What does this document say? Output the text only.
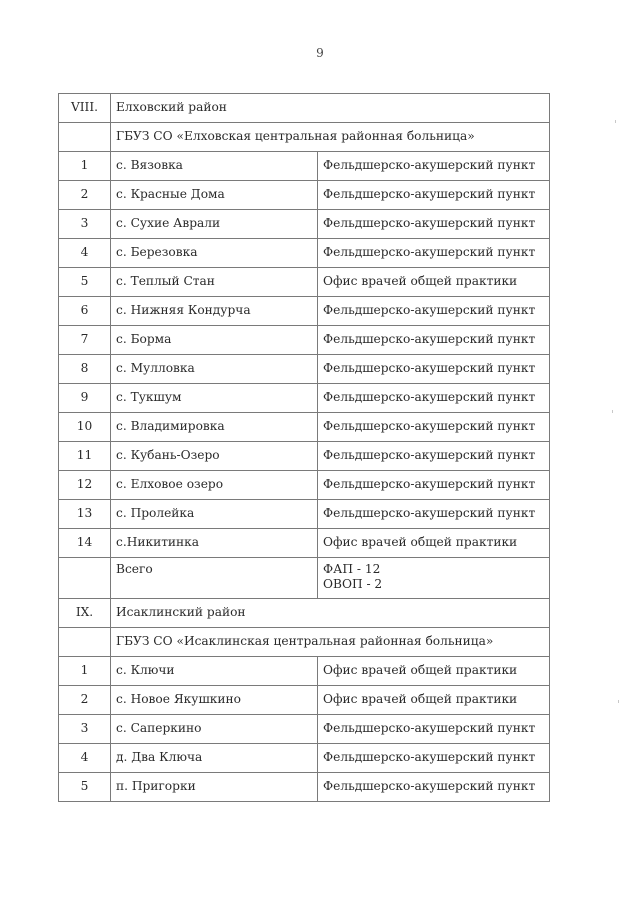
9
VIII.	Елховский район	
	ГБУЗ СО «Елховская центральная районная больница»	
1	с. Вязовка	Фельдшерско-акушерский пункт
2	с. Красные Дома	Фельдшерско-акушерский пункт
3	с. Сухие Аврали	Фельдшерско-акушерский пункт
4	с. Березовка	Фельдшерско-акушерский пункт
5	с. Теплый Стан	Офис врачей общей практики
6	с. Нижняя Кондурча	Фельдшерско-акушерский пункт
7	с. Борма	Фельдшерско-акушерский пункт
8	с. Мулловка	Фельдшерско-акушерский пункт
9	с. Тукшум	Фельдшерско-акушерский пункт
10	с. Владимировка	Фельдшерско-акушерский пункт
11	с. Кубань-Озеро	Фельдшерско-акушерский пункт
12	с. Елховое озеро	Фельдшерско-акушерский пункт
13	с. Пролейка	Фельдшерско-акушерский пункт
14	с.Никитинка	Офис врачей общей практики
	Всего	ФАП - 12
ОВОП - 2

IX.	Исаклинский район	
	ГБУЗ СО «Исаклинская центральная районная больница»	
1	с. Ключи	Офис врачей общей практики
2	с. Новое Якушкино	Офис врачей общей практики
3	с. Саперкино	Фельдшерско-акушерский пункт
4	д. Два Ключа	Фельдшерско-акушерский пункт
5	п. Пригорки	Фельдшерско-акушерский пункт
